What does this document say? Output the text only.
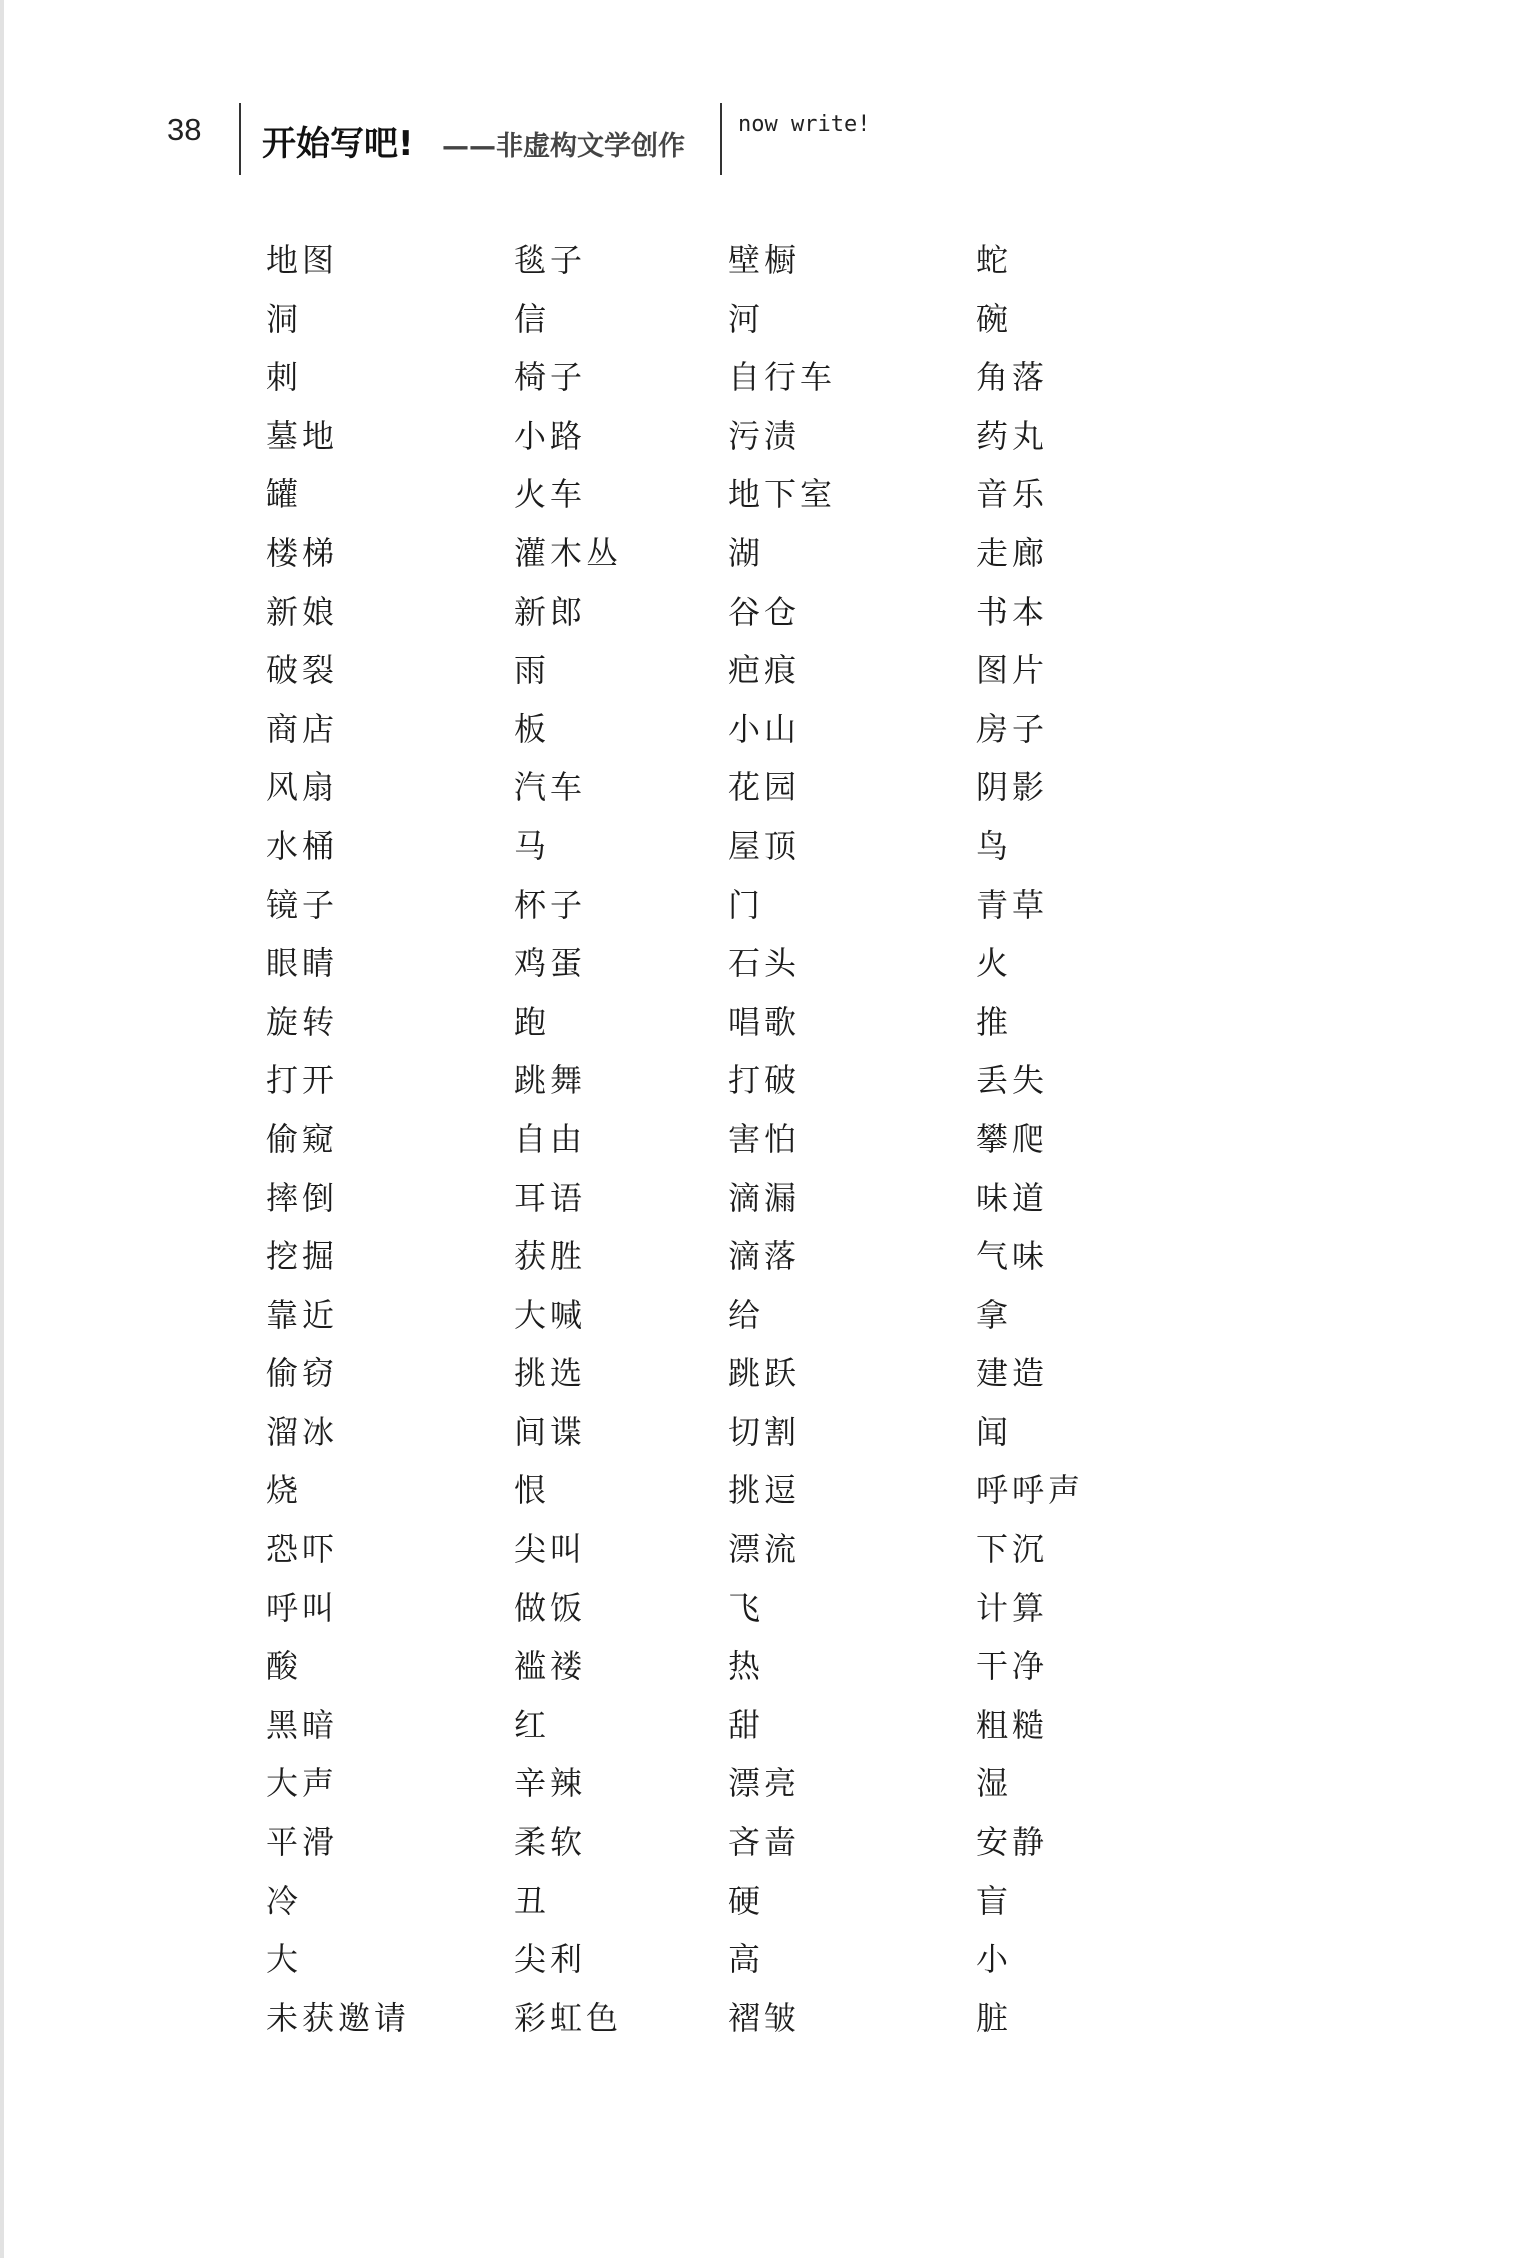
38 开始写吧! ——非虚构文学创作
now write!
地图	毯子	壁橱	蛇
洞	信	河	碗
刺	椅子	自行车	角落
墓地	小路	污渍	药丸
罐	火车	地下室	音乐
楼梯	灌木丛	湖	走廊
新娘	新郎	谷仓	书本
破裂	雨	疤痕	图片
商店	板	小山	房子
风扇	汽车	花园	阴影
水桶	马	屋顶	鸟
镜子	杯子	门	青草
眼睛	鸡蛋	石头	火
旋转	跑	唱歌	推
打开	跳舞	打破	丢失
偷窥	自由	害怕	攀爬
摔倒	耳语	滴漏	味道
挖掘	获胜	滴落	气味
靠近	大喊	给	拿
偷窃	挑选	跳跃	建造
溜冰	间谍	切割	闻
烧	恨	挑逗	呼呼声
恐吓	尖叫	漂流	下沉
呼叫	做饭	飞	计算
酸	褴褛	热	干净
黑暗	红	甜	粗糙
大声	辛辣	漂亮	湿
平滑	柔软	吝啬	安静
冷	丑	硬	盲
大	尖利	高	小
未获邀请	彩虹色	褶皱	脏
